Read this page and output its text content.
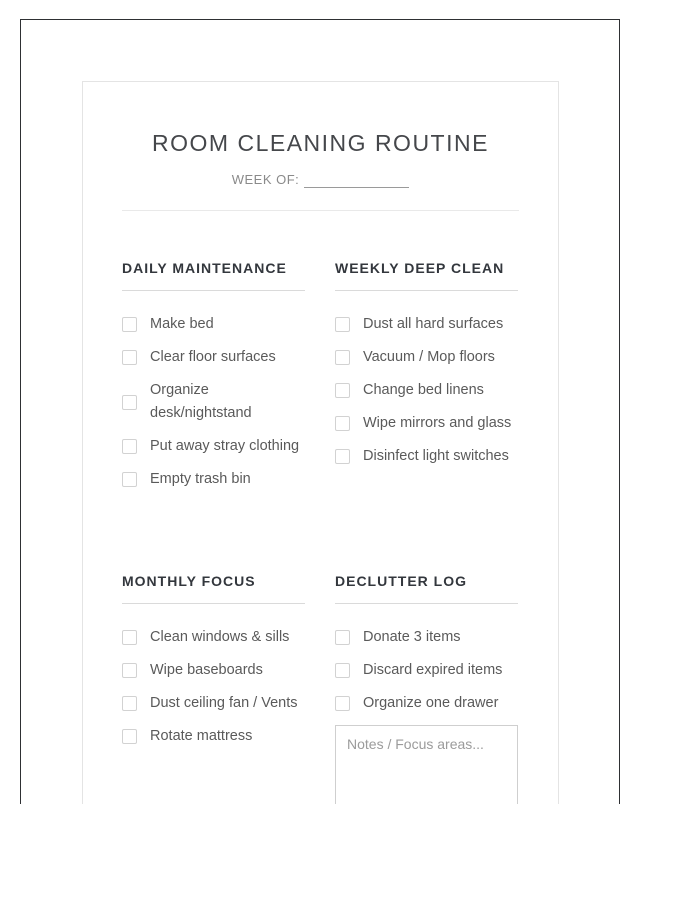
ROOM CLEANING ROUTINE
WEEK OF:
DAILY MAINTENANCE
Make bed
Clear floor surfaces
Organize desk/nightstand
Put away stray clothing
Empty trash bin
WEEKLY DEEP CLEAN
Dust all hard surfaces
Vacuum / Mop floors
Change bed linens
Wipe mirrors and glass
Disinfect light switches
MONTHLY FOCUS
Clean windows & sills
Wipe baseboards
Dust ceiling fan / Vents
Rotate mattress
DECLUTTER LOG
Donate 3 items
Discard expired items
Organize one drawer
Notes / Focus areas...
